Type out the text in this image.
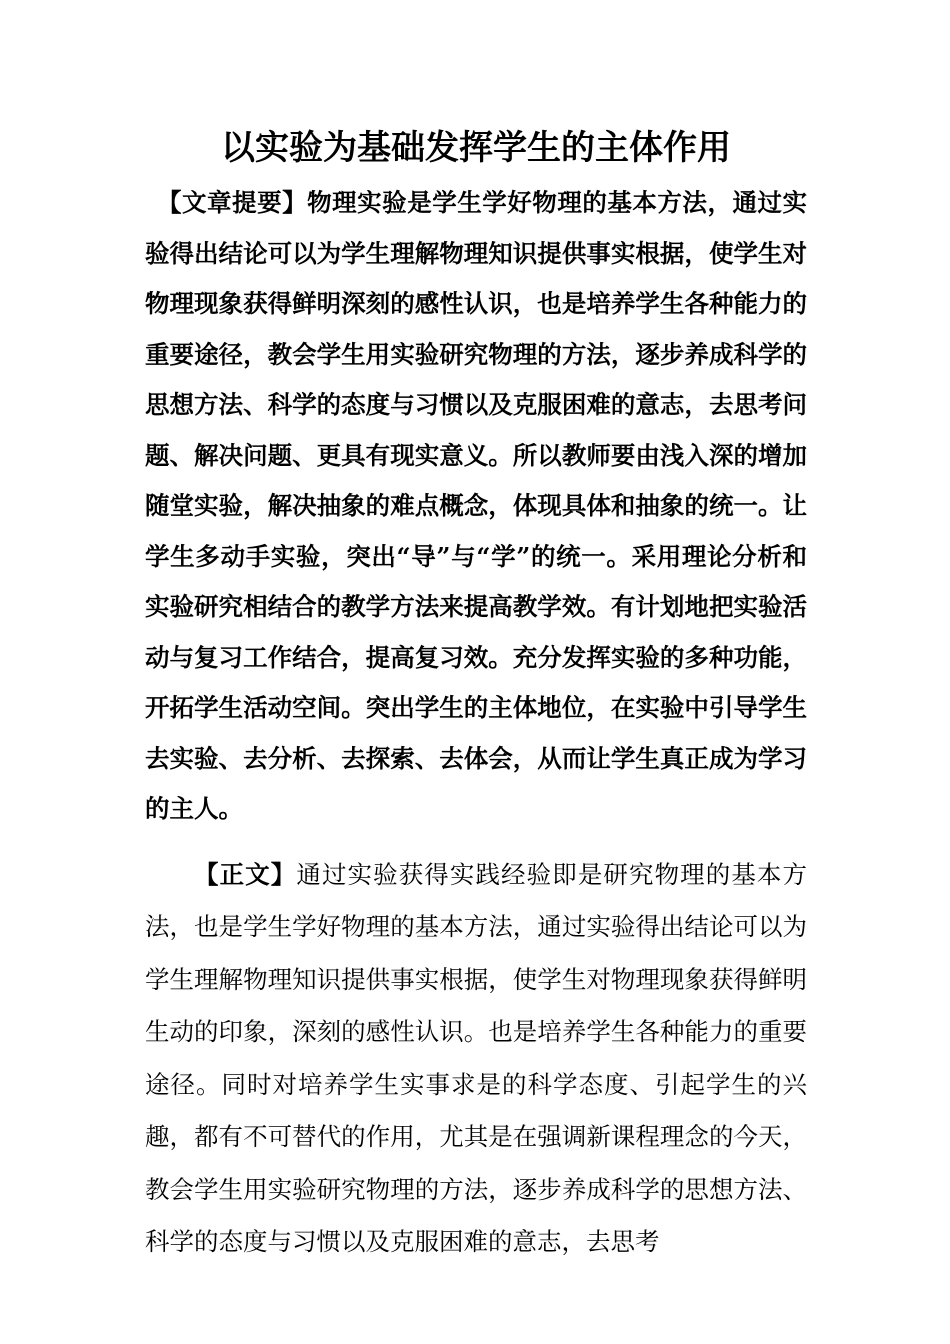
以实验为基础发挥学生的主体作用

【文章提要】物理实验是学生学好物理的基本方法，通过实验得出结论可以为学生理解物理知识提供事实根据，使学生对物理现象获得鲜明深刻的感性认识，也是培养学生各种能力的重要途径，教会学生用实验研究物理的方法，逐步养成科学的思想方法、科学的态度与习惯以及克服困难的意志，去思考问题、解决问题、更具有现实意义。所以教师要由浅入深的增加随堂实验，解决抽象的难点概念，体现具体和抽象的统一。让学生多动手实验，突出“导”与“学”的统一。采用理论分析和实验研究相结合的教学方法来提高教学效。有计划地把实验活动与复习工作结合，提高复习效。充分发挥实验的多种功能，开拓学生活动空间。突出学生的主体地位，在实验中引导学生去实验、去分析、去探索、去体会，从而让学生真正成为学习的主人。

【正文】通过实验获得实践经验即是研究物理的基本方法，也是学生学好物理的基本方法，通过实验得出结论可以为学生理解物理知识提供事实根据，使学生对物理现象获得鲜明生动的印象，深刻的感性认识。也是培养学生各种能力的重要途径。同时对培养学生实事求是的科学态度、引起学生的兴趣，都有不可替代的作用，尤其是在强调新课程理念的今天，教会学生用实验研究物理的方法，逐步养成科学的思想方法、科学的态度与习惯以及克服困难的意志，去思考
